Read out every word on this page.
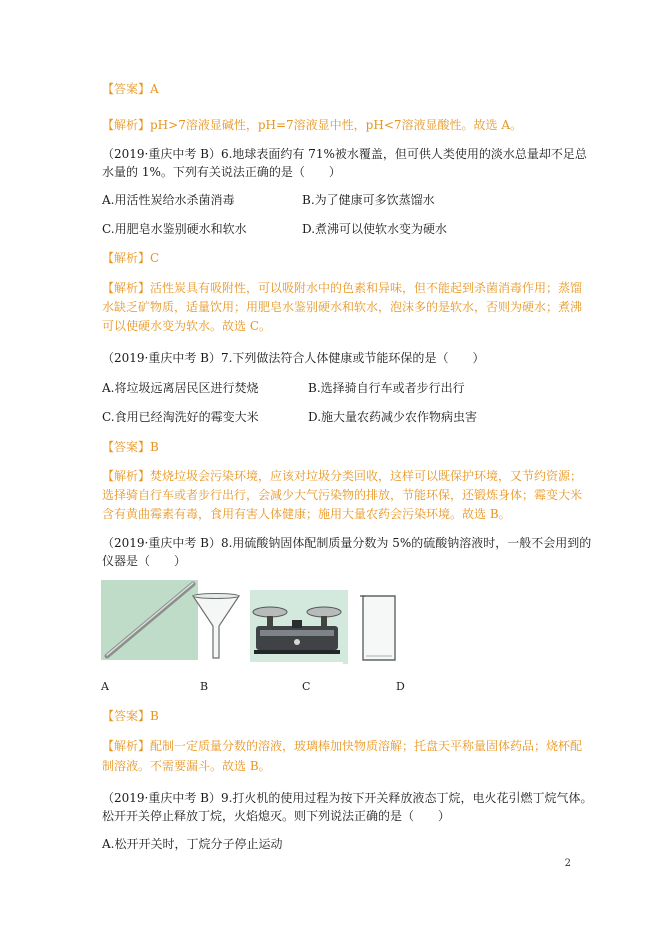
【答案】A
【解析】pH>7溶液显碱性，pH=7溶液显中性，pH<7溶液显酸性。故选 A。
（2019·重庆中考 B）6.地球表面约有 71%被水覆盖，但可供人类使用的淡水总量却不足总
水量的 1%。下列有关说法正确的是（　　）
A.用活性炭给水杀菌消毒	B.为了健康可多饮蒸馏水
C.用肥皂水鉴别硬水和软水	D.煮沸可以使软水变为硬水
【解析】C
【解析】活性炭具有吸附性，可以吸附水中的色素和异味，但不能起到杀菌消毒作用；蒸馏
水缺乏矿物质，适量饮用；用肥皂水鉴别硬水和软水，泡沫多的是软水，否则为硬水；煮沸
可以使硬水变为软水。故选 C。
（2019·重庆中考 B）7.下列做法符合人体健康或节能环保的是（　　）
A.将垃圾远离居民区进行焚烧	B.选择骑自行车或者步行出行
C.食用已经淘洗好的霉变大米	D.施大量农药减少农作物病虫害
【答案】B
【解析】焚烧垃圾会污染环境，应该对垃圾分类回收，这样可以既保护环境，又节约资源；
选择骑自行车或者步行出行，会减少大气污染物的排放，节能环保，还锻炼身体；霉变大米
含有黄曲霉素有毒，食用有害人体健康；施用大量农药会污染环境。故选 B。
（2019·重庆中考 B）8.用硫酸钠固体配制质量分数为 5%的硫酸钠溶液时，一般不会用到的
仪器是（　　）
A	B	C	D
【答案】B
【解析】配制一定质量分数的溶液，玻璃棒加快物质溶解；托盘天平称量固体药品；烧杯配
制溶液。不需要漏斗。故选 B。
（2019·重庆中考 B）9.打火机的使用过程为按下开关释放液态丁烷，电火花引燃丁烷气体。
松开开关停止释放丁烷，火焰熄灭。则下列说法正确的是（　　）
A.松开开关时，丁烷分子停止运动
2
